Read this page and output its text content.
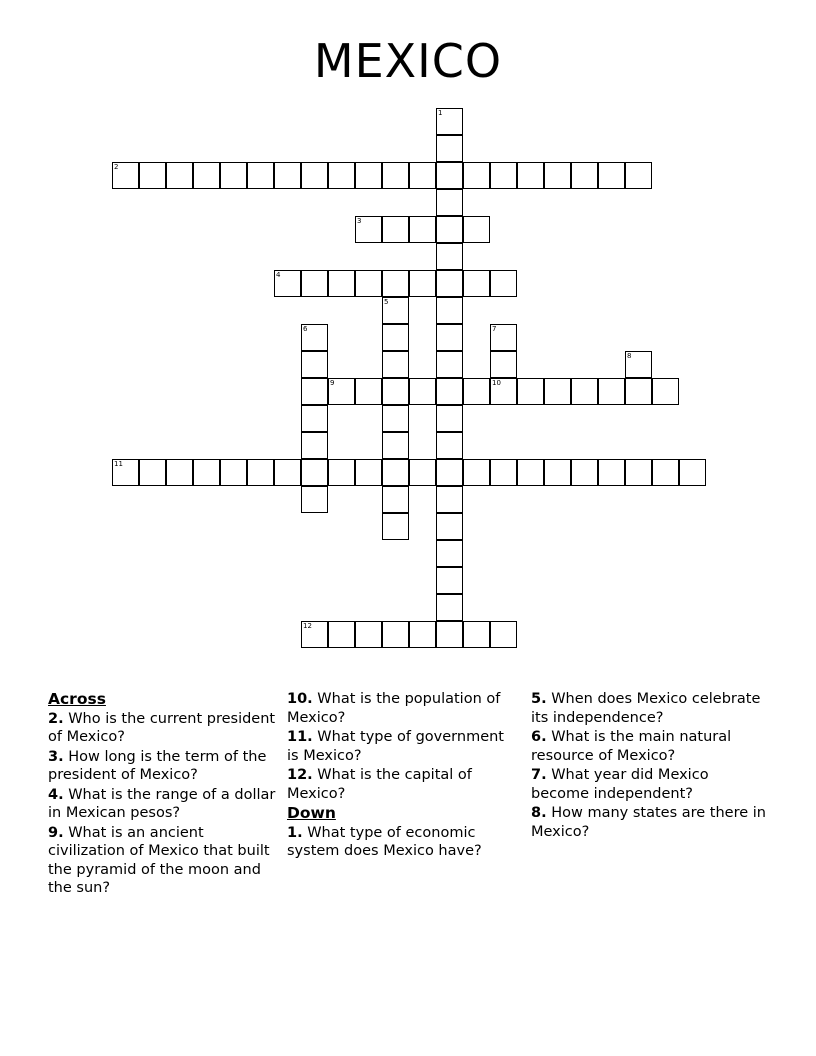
MEXICO
1
2
3
4
5
6	7
10
8
9
11
12
Across
2. Who is the current president of Mexico?
3. How long is the term of the president of Mexico?
4. What is the range of a dollar in Mexican pesos?
9. What is an ancient civilization of Mexico that built the pyramid of the moon and the sun?
10. What is the population of Mexico?
11. What type of government is Mexico?
12. What is the capital of Mexico?
Down
1. What type of economic system does Mexico have?
5. When does Mexico celebrate its independence?
6. What is the main natural resource of Mexico?
7. What year did Mexico become independent?
8. How many states are there in Mexico?
